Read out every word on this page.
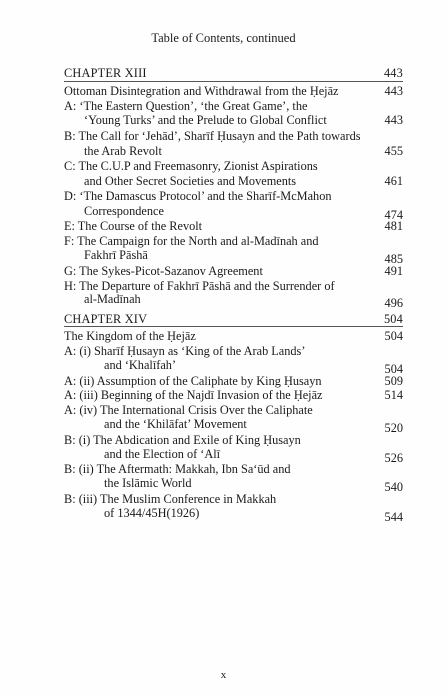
Table of Contents, continued
CHAPTER XIII	443
Ottoman Disintegration and Withdrawal from the Ḥejāz	443
A: ‘The Eastern Question’, ‘the Great Game’, the
‘Young Turks’ and the Prelude to Global Conflict	443
B: The Call for ‘Jehād’, Sharīf Ḥusayn and the Path towards
the Arab Revolt	455
C: The C.U.P and Freemasonry, Zionist Aspirations
and Other Secret Societies and Movements	461
D: ‘The Damascus Protocol’ and the Sharīf-McMahon
Correspondence	474
E: The Course of the Revolt	481
F: The Campaign for the North and al-Madīnah and
Fakhrī Pāshā	485
G: The Sykes-Picot-Sazanov Agreement	491
H: The Departure of Fakhrī Pāshā and the Surrender of
al-Madīnah	496
CHAPTER XIV	504
The Kingdom of the Ḥejāz	504
A: (i) Sharīf Ḥusayn as ‘King of the Arab Lands’
and ‘Khalīfah’	504
A: (ii) Assumption of the Caliphate by King Ḥusayn	509
A: (iii) Beginning of the Najdī Invasion of the Ḥejāz	514
A: (iv) The International Crisis Over the Caliphate
and the ‘Khilāfat’ Movement	520
B: (i) The Abdication and Exile of King Ḥusayn
and the Election of ‘Alī	526
B: (ii) The Aftermath: Makkah, Ibn Sa‘ūd and
the Islāmic World	540
B: (iii) The Muslim Conference in Makkah
of 1344/45H(1926)	544
x
